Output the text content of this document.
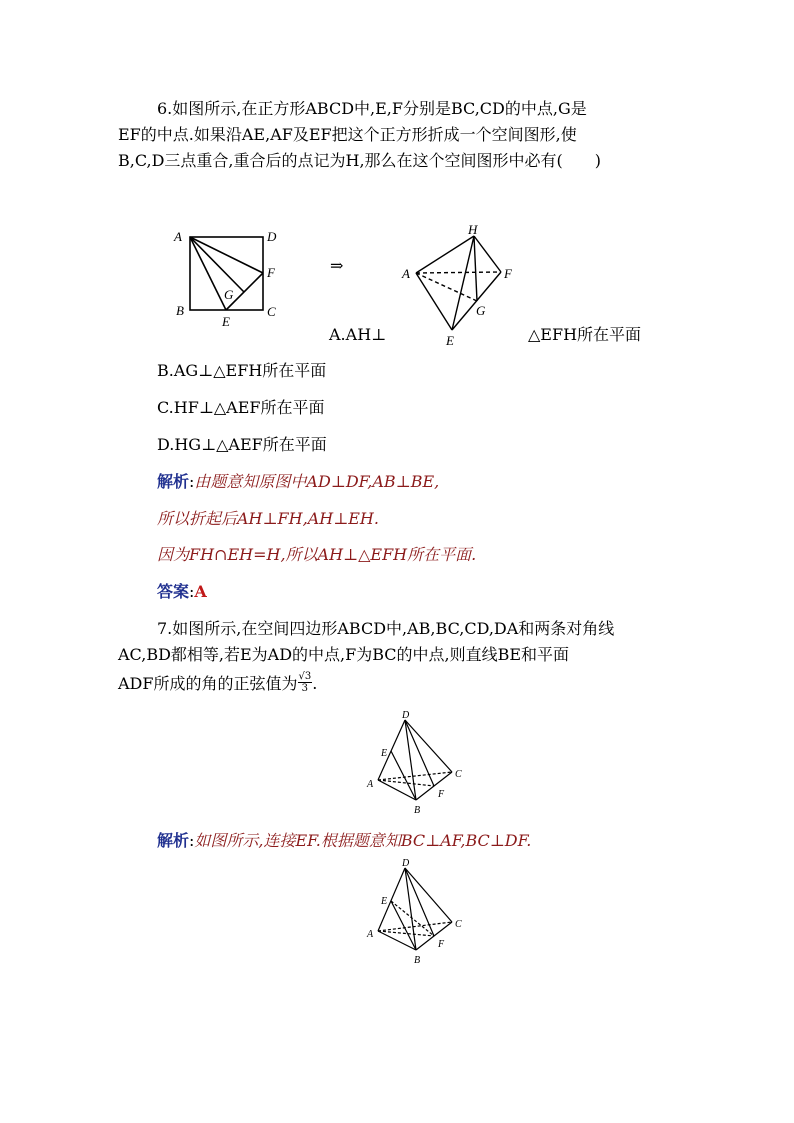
6.如图所示,在正方形ABCD中,E,F分别是BC,CD的中点,G是
EF的中点.如果沿AE,AF及EF把这个正方形折成一个空间图形,使
B,C,D三点重合,重合后的点记为H,那么在这个空间图形中必有(　　)
A	D
F
B	C
E
G
⇒
H
A	F
G
E
A.AH⊥	△EFH所在平面
B.AG⊥△EFH所在平面
C.HF⊥△AEF所在平面
D.HG⊥△AEF所在平面
解析:由题意知原图中AD⊥DF,AB⊥BE,
所以折起后AH⊥FH,AH⊥EH.
因为FH∩EH=H,所以AH⊥△EFH所在平面.
答案:A
7.如图所示,在空间四边形ABCD中,AB,BC,CD,DA和两条对角线
AC,BD都相等,若E为AD的中点,F为BC的中点,则直线BE和平面
ADF所成的角的正弦值为 $\frac{√3}{3}$ .
D
E
A
C
F
B
解析:如图所示,连接EF.根据题意知BC⊥AF,BC⊥DF.
D
E
A
C
F
B
